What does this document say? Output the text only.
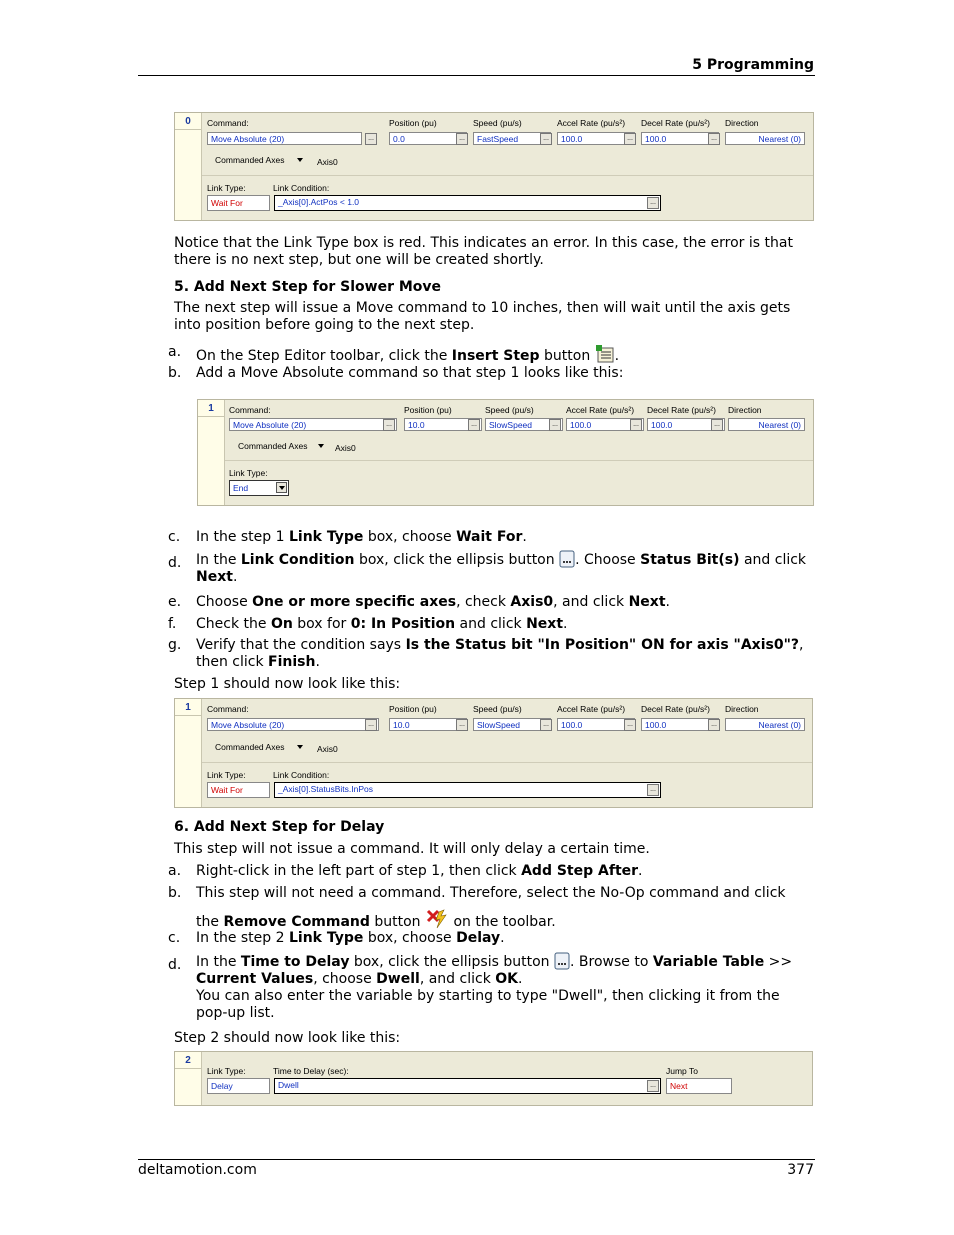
5 Programming
0	Command:	Position (pu)	Speed (pu/s)	Accel Rate (pu/s²) Decel Rate (pu/s²) Direction
Move Absolute (20)	...	0.0	...	FastSpeed	...	100.0	...	100.0	...	Nearest (0)
Commanded Axes	Axis0
Link Type:	Link Condition:
Wait For	_Axis[0].ActPos < 1.0	...
Notice that the Link Type box is red. This indicates an error. In this case, the error is that there is no next step, but one will be created shortly.
5. Add Next Step for Slower Move
The next step will issue a Move command to 10 inches, then will wait until the axis gets into position before going to the next step.
a. On the Step Editor toolbar, click the Insert Step button .
b. Add a Move Absolute command so that step 1 looks like this:
1	Command:	Position (pu)	Speed (pu/s)	Accel Rate (pu/s²) Decel Rate (pu/s²) Direction
Move Absolute (20)	...	10.0	...	SlowSpeed	...	100.0	...	100.0	...	Nearest (0)
Commanded Axes	Axis0
Link Type:
End
c. In the step 1 Link Type box, choose Wait For.
d. In the Link Condition box, click the ellipsis button . Choose Status Bit(s) and click Next.
e. Choose One or more specific axes, check Axis0, and click Next.
f. Check the On box for 0: In Position and click Next.
g. Verify that the condition says Is the Status bit "In Position" ON for axis "Axis0"?, then click Finish.
Step 1 should now look like this:
1	Command:	Position (pu)	Speed (pu/s)	Accel Rate (pu/s²) Decel Rate (pu/s²) Direction
Move Absolute (20)	...	10.0	...	SlowSpeed	...	100.0	...	100.0	...	Nearest (0)
Commanded Axes	Axis0
Link Type:	Link Condition:
Wait For	_Axis[0].StatusBits.InPos	...
6. Add Next Step for Delay
This step will not issue a command. It will only delay a certain time.
a. Right-click in the left part of step 1, then click Add Step After.
b. This step will not need a command. Therefore, select the No-Op command and click
the Remove Command button  on the toolbar.
c. In the step 2 Link Type box, choose Delay.
d. In the Time to Delay box, click the ellipsis button . Browse to Variable Table >>
Current Values, choose Dwell, and click OK.
You can also enter the variable by starting to type "Dwell", then clicking it from the pop-up list.
Step 2 should now look like this:
2
Link Type:	Time to Delay (sec):	Jump To
Delay	Dwell	...	Next
deltamotion.com	377
